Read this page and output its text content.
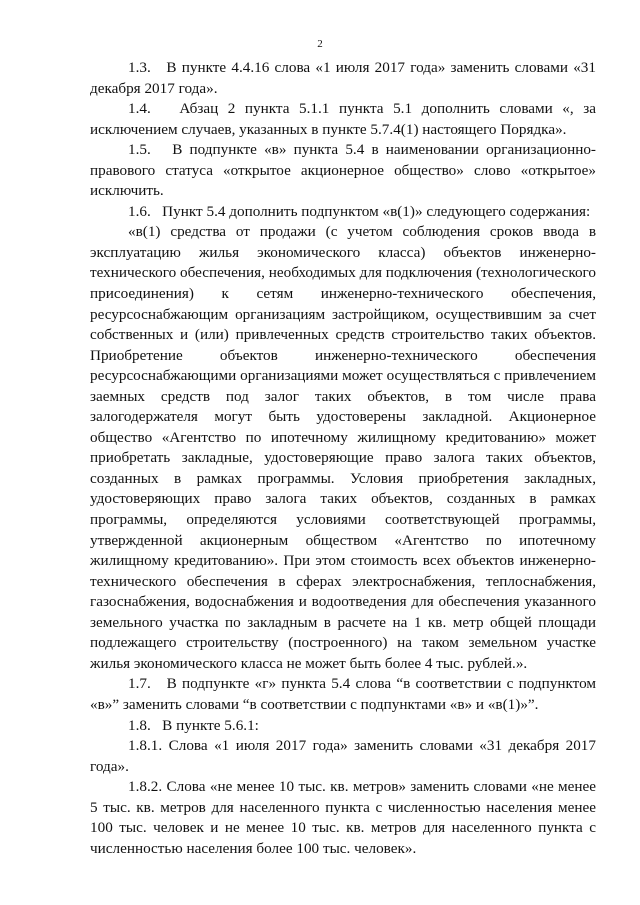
2

1.3.   В пункте 4.4.16 слова «1 июля 2017 года» заменить словами «31 декабря 2017 года».

1.4.   Абзац 2 пункта 5.1.1 пункта 5.1 дополнить словами «, за исключением случаев, указанных в пункте 5.7.4(1) настоящего Порядка».

1.5.   В подпункте «в» пункта 5.4 в наименовании организационно-правового статуса «открытое акционерное общество» слово «открытое» исключить.

1.6.   Пункт 5.4 дополнить подпунктом «в(1)» следующего содержания:

«в(1) средства от продажи (с учетом соблюдения сроков ввода в эксплуатацию жилья экономического класса) объектов инженерно-технического обеспечения, необходимых для подключения (технологического присоединения) к сетям инженерно-технического обеспечения, ресурсоснабжающим организациям застройщиком, осуществившим за счет собственных и (или) привлеченных средств строительство таких объектов. Приобретение объектов инженерно-технического обеспечения ресурсоснабжающими организациями может осуществляться с привлечением заемных средств под залог таких объектов, в том числе права залогодержателя могут быть удостоверены закладной. Акционерное общество «Агентство по ипотечному жилищному кредитованию» может приобретать закладные, удостоверяющие право залога таких объектов, созданных в рамках программы. Условия приобретения закладных, удостоверяющих право залога таких объектов, созданных в рамках программы, определяются условиями соответствующей программы, утвержденной акционерным обществом «Агентство по ипотечному жилищному кредитованию». При этом стоимость всех объектов инженерно-технического обеспечения в сферах электроснабжения, теплоснабжения, газоснабжения, водоснабжения и водоотведения для обеспечения указанного земельного участка по закладным в расчете на 1 кв. метр общей площади подлежащего строительству (построенного) на таком земельном участке жилья экономического класса не может быть более 4 тыс. рублей.».

1.7.   В подпункте «г» пункта 5.4 слова “в соответствии с подпунктом «в»” заменить словами “в соответствии с подпунктами «в» и «в(1)»”.

1.8.   В пункте 5.6.1:

1.8.1. Слова «1 июля 2017 года» заменить словами «31 декабря 2017 года».

1.8.2. Слова «не менее 10 тыс. кв. метров» заменить словами «не менее 5 тыс. кв. метров для населенного пункта с численностью населения менее 100 тыс. человек и не менее 10 тыс. кв. метров для населенного пункта с численностью населения более 100 тыс. человек».
